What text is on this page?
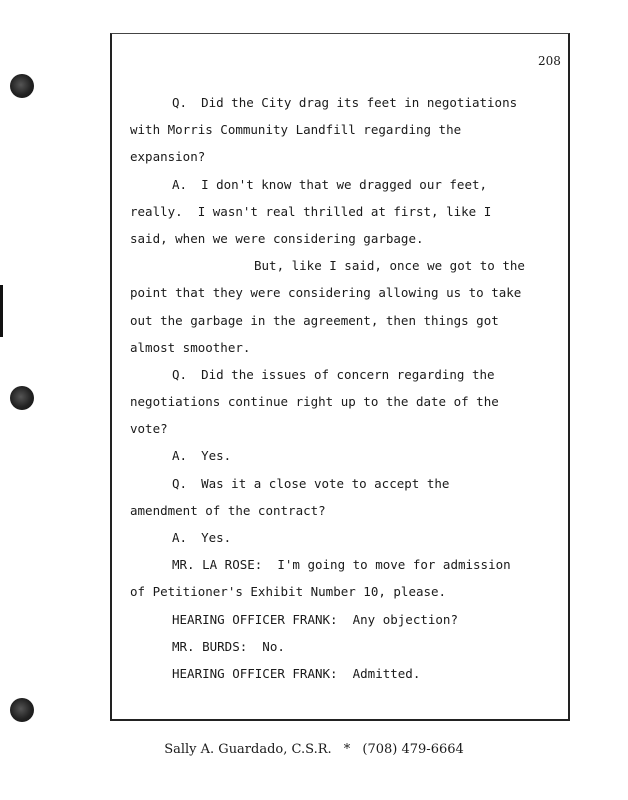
208
Q. Did the City drag its feet in negotiations
with Morris Community Landfill regarding the
expansion?
A. I don't know that we dragged our feet,
really.  I wasn't real thrilled at first, like I
said, when we were considering garbage.
But, like I said, once we got to the
point that they were considering allowing us to take
out the garbage in the agreement, then things got
almost smoother.
Q. Did the issues of concern regarding the
negotiations continue right up to the date of the
vote?
A. Yes.
Q. Was it a close vote to accept the
amendment of the contract?
A. Yes.
MR. LA ROSE:  I'm going to move for admission
of Petitioner's Exhibit Number 10, please.
HEARING OFFICER FRANK:  Any objection?
MR. BURDS:  No.
HEARING OFFICER FRANK:  Admitted.
Sally A. Guardado, C.S.R. * (708) 479-6664
